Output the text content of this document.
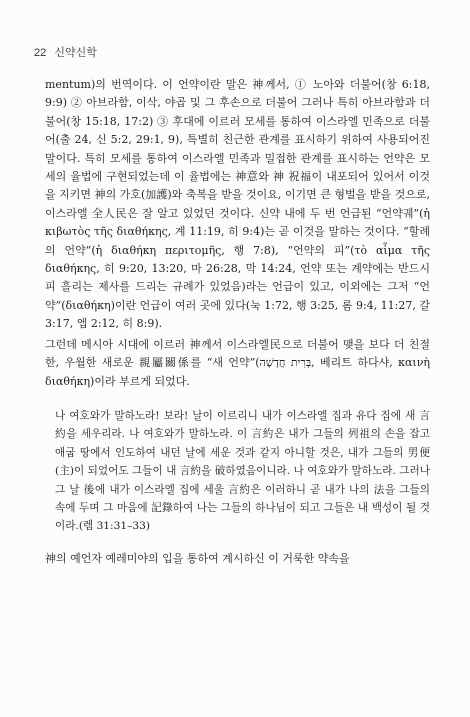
22 신약신학

mentum)의 번역이다. 이 언약이란 말은 神께서, ① 노아와 더불어(창 6:18, 9:9) ② 아브라함, 이삭, 야곱 및 그 후손으로 더불어 그러나 특히 아브라함과 더불어(창 15:18, 17:2) ③ 후대에 이르러 모세를 통하여 이스라엘 민족으로 더불어(출 24, 신 5:2, 29:1, 9), 특별히 친근한 관계를 표시하기 위하여 사용되어진 말이다. 특히 모세를 통하여 이스라엘 민족과 밀접한 관계를 표시하는 언약은 모세의 율법에 구현되었는데 이 율법에는 神意와 神 祝福이 내포되어 있어서 이것을 지키면 神의 가호(加護)와 축복을 받을 것이요, 이기면 큰 형벌을 받을 것으로, 이스라엘 全人民은 잘 알고 있었던 것이다. 신약 내에 두 번 언급된 “언약궤”(ἡ κιβωτὸς τῆς διαθήκης, 계 11:19, 히 9:4)는 곧 이것을 말하는 것이다. “할례의 언약”(ἡ διαθήκη περιτομῆς, 행 7:8), “언약의 피”(τὸ αἷμα τῆς διαθήκης, 히 9:20, 13:20, 마 26:28, 막 14:24, 언약 또는 계약에는 반드시 피 흘리는 제사를 드리는 규례가 있었음)라는 언급이 있고, 이외에는 그저 “언약”(διαθήκη)이란 언급이 여러 곳에 있다(눅 1:72, 행 3:25, 롬 9:4, 11:27, 갈 3:17, 엡 2:12, 히 8:9).

그런데 메시아 시대에 이르러 神께서 이스라엘民으로 더불어 맺을 보다 더 친절한, 우월한 새로운 親屬關係를 “새 언약”(בְּרִית חֲדָשָׁה, 베리트 하다샤, καινὴ διαθήκη)이라 부르게 되었다.

나 여호와가 말하노라! 보라! 날이 이르리니 내가 이스라엘 집과 유다 집에 새 言約을 세우리라. 나 여호와가 말하노라. 이 言約은 내가 그들의 列祖의 손을 잡고 애굽 땅에서 인도하여 내던 날에 세운 것과 같지 아니할 것은, 내가 그들의 男便(主)이 되었어도 그들이 내 言約을 破하였음이니라. 나 여호와가 말하노라. 그러나 그 날 後에 내가 이스라엘 집에 세울 言約은 이러하니 곧 내가 나의 法을 그들의 속에 두며 그 마음에 記錄하여 나는 그들의 하나님이 되고 그들은 내 백성이 될 것이라.(렘 31:31–33)

神의 예언자 예레미야의 입을 통하여 계시하신 이 거룩한 약속을
